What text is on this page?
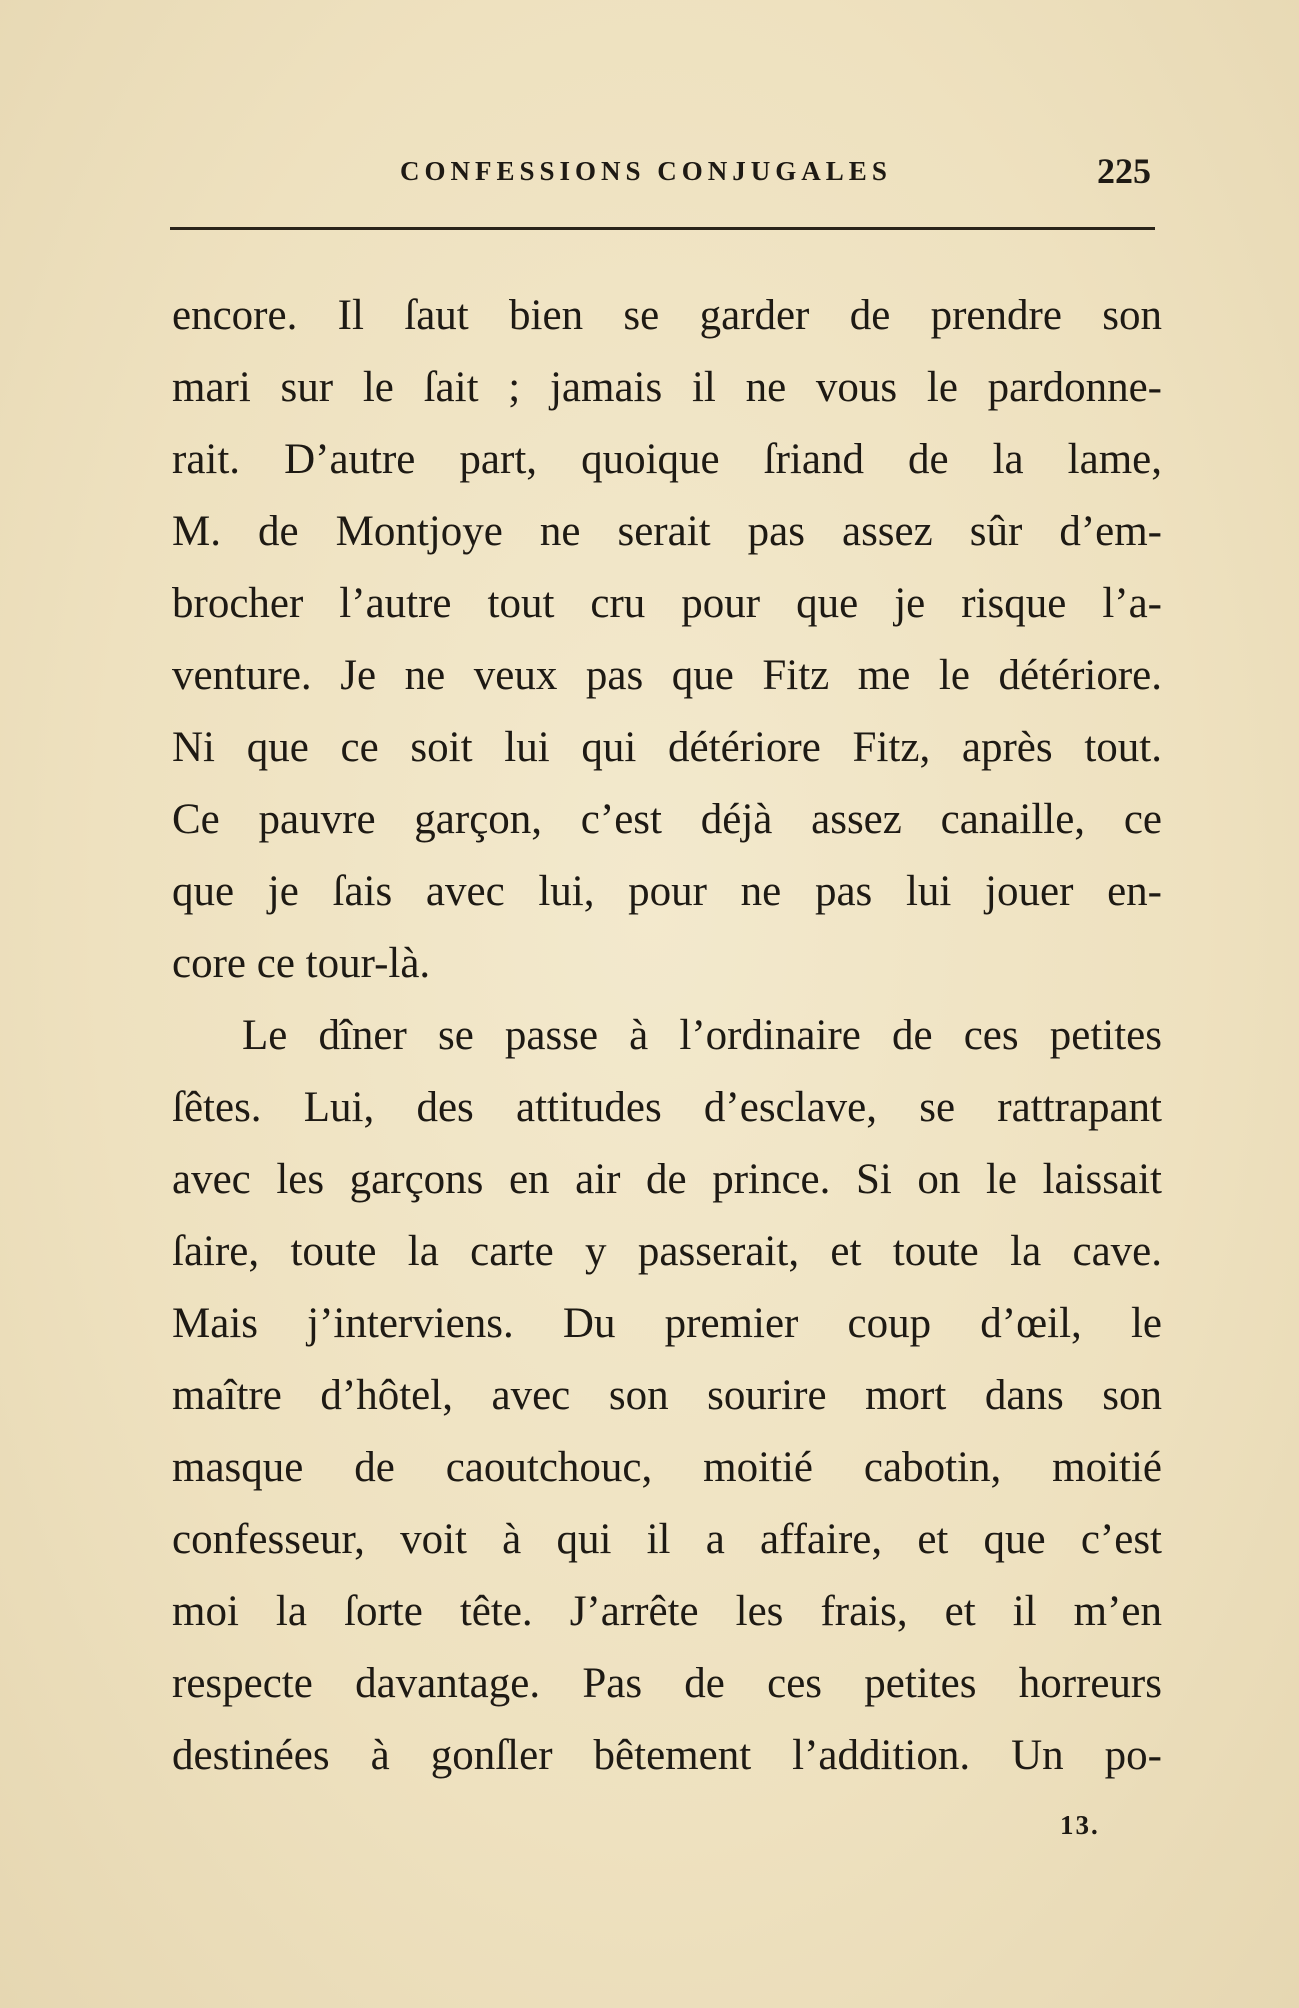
CONFESSIONS CONJUGALES	225
encore. Il ſaut bien se garder de prendre son
mari sur le ſait ; jamais il ne vous le pardonne-
rait. D’autre part, quoique ſriand de la lame,
M. de Montjoye ne serait pas assez sûr d’em-
brocher l’autre tout cru pour que je risque l’a-
venture. Je ne veux pas que Fitz me le détériore.
Ni que ce soit lui qui détériore Fitz, après tout.
Ce pauvre garçon, c’est déjà assez canaille, ce
que je ſais avec lui, pour ne pas lui jouer en-
core ce tour-là.
Le dîner se passe à l’ordinaire de ces petites
ſêtes. Lui, des attitudes d’esclave, se rattrapant
avec les garçons en air de prince. Si on le laissait
ſaire, toute la carte y passerait, et toute la cave.
Mais j’interviens. Du premier coup d’œil, le
maître d’hôtel, avec son sourire mort dans son
masque de caoutchouc, moitié cabotin, moitié
confesseur, voit à qui il a affaire, et que c’est
moi la ſorte tête. J’arrête les frais, et il m’en
respecte davantage. Pas de ces petites horreurs
destinées à gonſler bêtement l’addition. Un po-
13.
